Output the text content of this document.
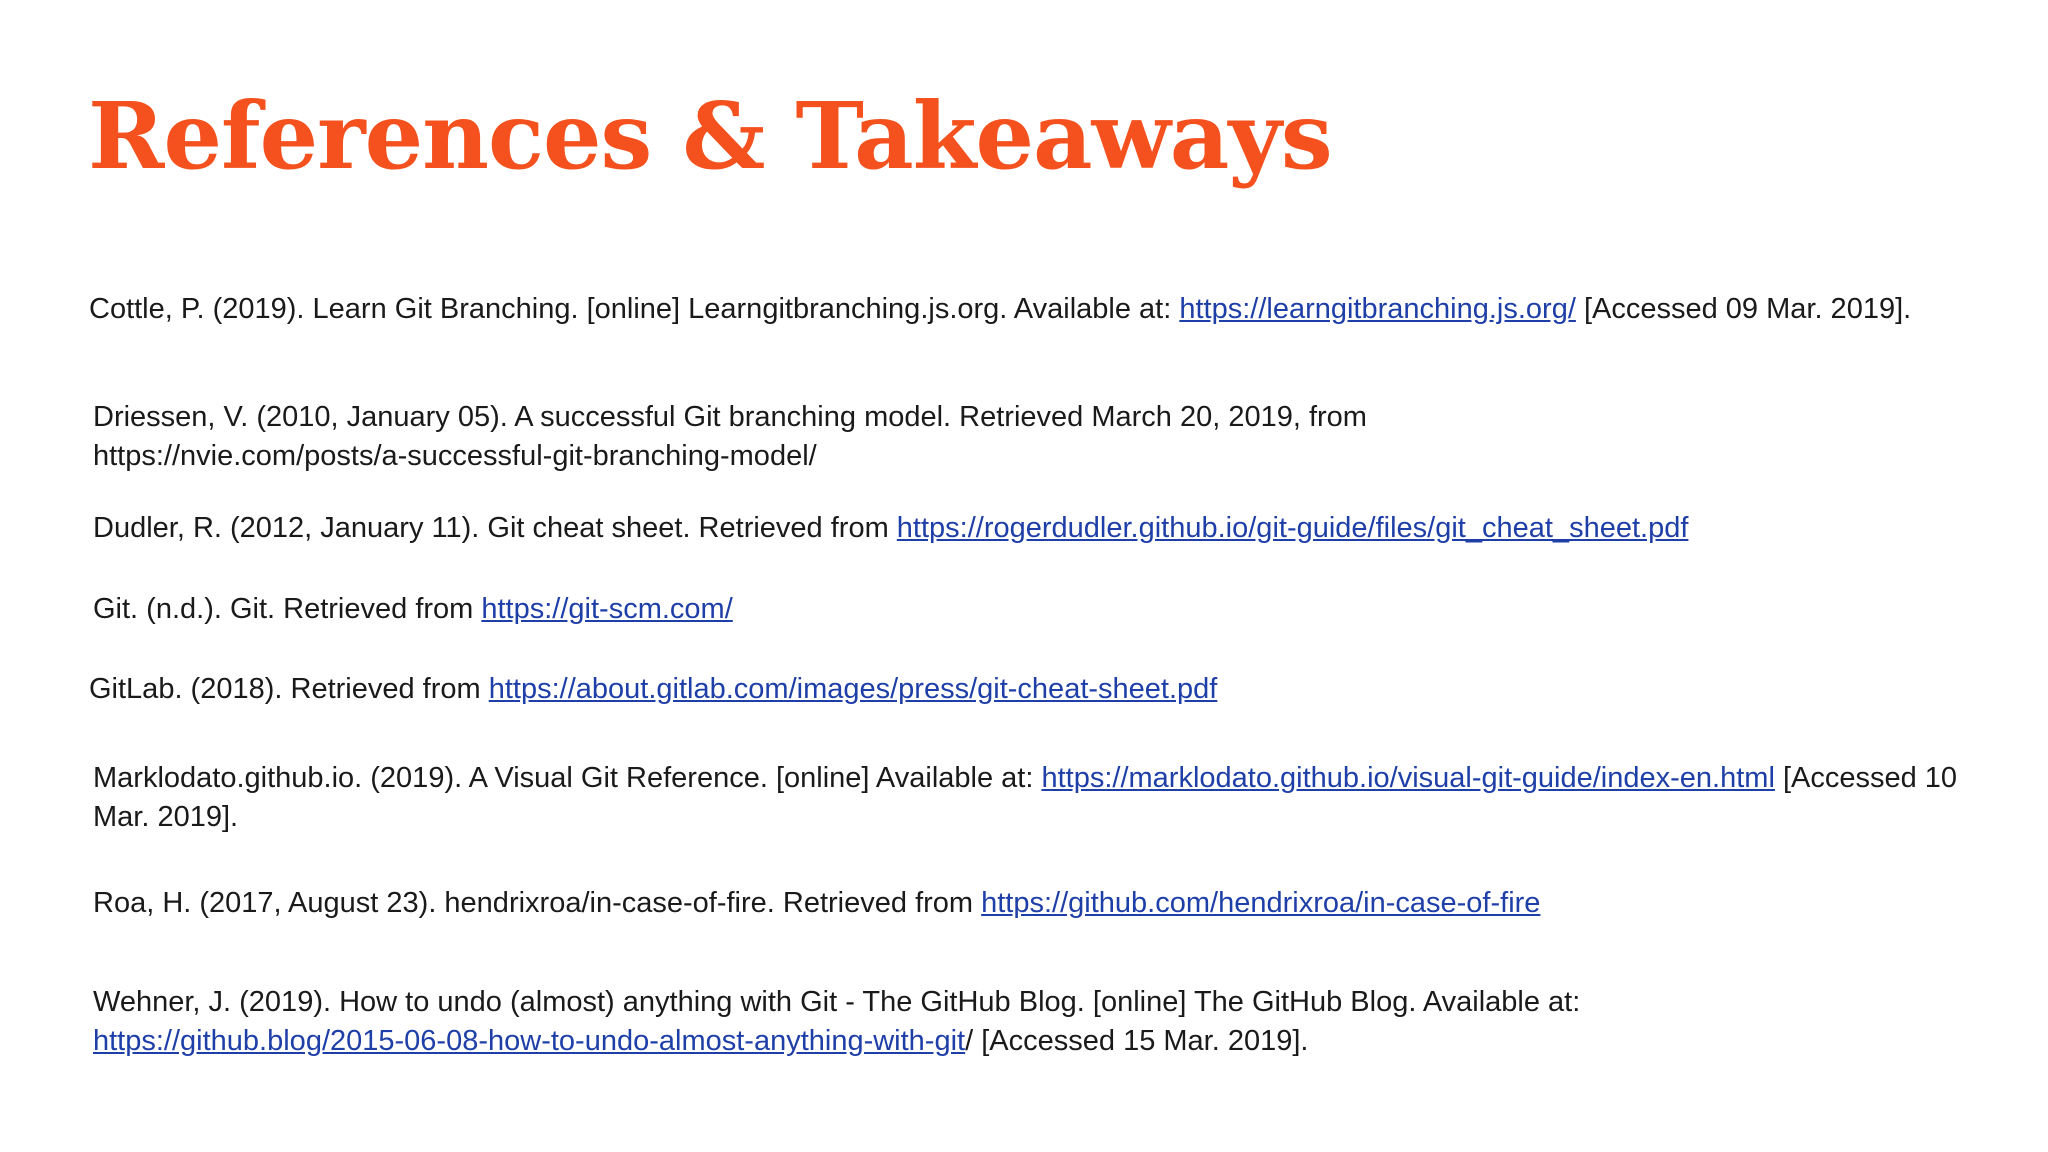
References & Takeaways

Cottle, P. (2019). Learn Git Branching. [online] Learngitbranching.js.org. Available at: https://learngitbranching.js.org/ [Accessed 09 Mar. 2019].

Driessen, V. (2010, January 05). A successful Git branching model. Retrieved March 20, 2019, from https://nvie.com/posts/a-successful-git-branching-model/

Dudler, R. (2012, January 11). Git cheat sheet. Retrieved from https://rogerdudler.github.io/git-guide/files/git_cheat_sheet.pdf

Git. (n.d.). Git. Retrieved from https://git-scm.com/

GitLab. (2018). Retrieved from https://about.gitlab.com/images/press/git-cheat-sheet.pdf

Marklodato.github.io. (2019). A Visual Git Reference. [online] Available at: https://marklodato.github.io/visual-git-guide/index-en.html [Accessed 10 Mar. 2019].

Roa, H. (2017, August 23). hendrixroa/in-case-of-fire. Retrieved from https://github.com/hendrixroa/in-case-of-fire

Wehner, J. (2019). How to undo (almost) anything with Git - The GitHub Blog. [online] The GitHub Blog. Available at: https://github.blog/2015-06-08-how-to-undo-almost-anything-with-git/ [Accessed 15 Mar. 2019].
